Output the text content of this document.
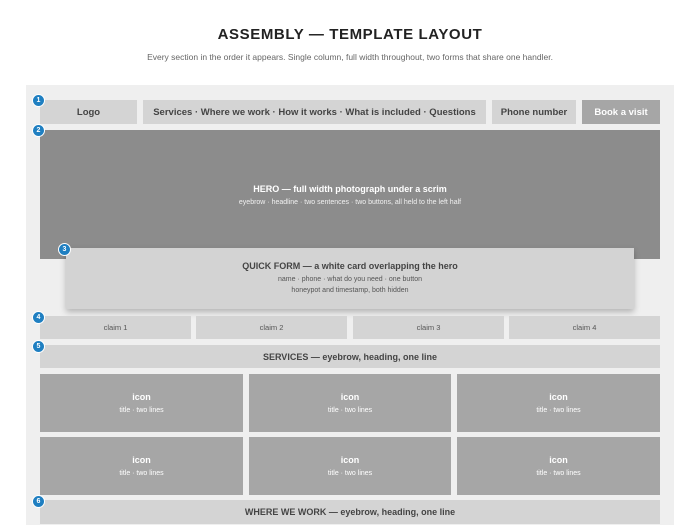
ASSEMBLY — TEMPLATE LAYOUT
Every section in the order it appears. Single column, full width throughout, two forms that share one handler.
Logo	Services · Where we work · How it works · What is included · Questions	Phone number	Book a visit
HERO — full width photograph under a scrim
eyebrow · headline · two sentences · two buttons, all held to the left half
QUICK FORM — a white card overlapping the hero
name · phone · what do you need · one button
honeypot and timestamp, both hidden
claim 1	claim 2	claim 3	claim 4
SERVICES — eyebrow, heading, one line
icon
title · two lines
icon
title · two lines
icon
title · two lines
icon
title · two lines
icon
title · two lines
icon
title · two lines
WHERE WE WORK — eyebrow, heading, one line
1
2
3
4
5
6
